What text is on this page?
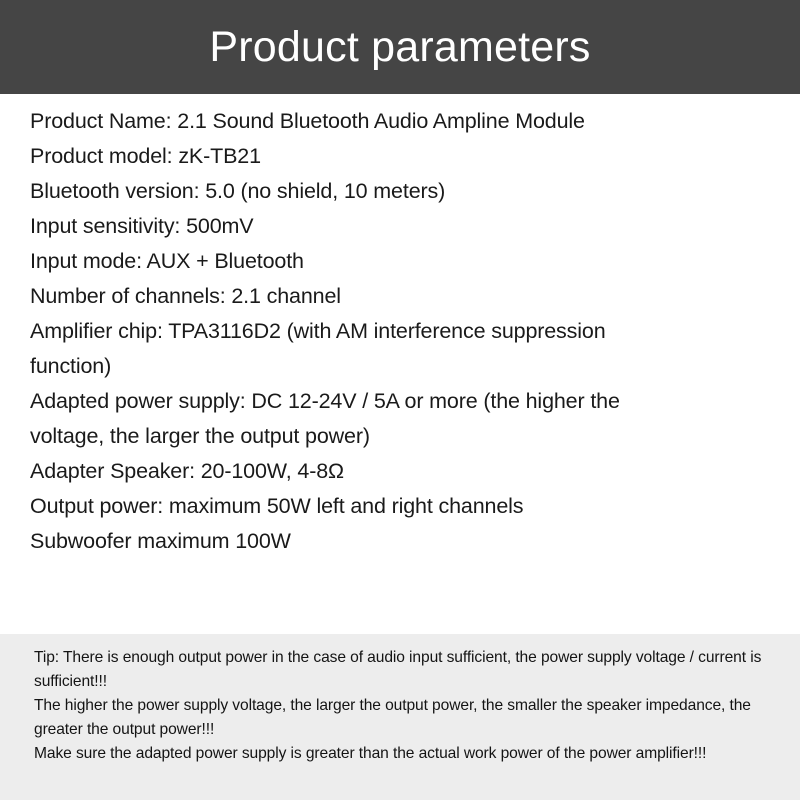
Product parameters
Product Name: 2.1 Sound Bluetooth Audio Ampline Module
Product model: zK-TB21
Bluetooth version: 5.0 (no shield, 10 meters)
Input sensitivity: 500mV
Input mode: AUX + Bluetooth
Number of channels: 2.1 channel
Amplifier chip: TPA3116D2 (with AM interference suppression function)
Adapted power supply: DC 12-24V / 5A or more (the higher the voltage, the larger the output power)
Adapter Speaker: 20-100W, 4-8Ω
Output power: maximum 50W left and right channels
Subwoofer maximum 100W
Tip: There is enough output power in the case of audio input sufficient, the power supply voltage / current is sufficient!!!
The higher the power supply voltage, the larger the output power, the smaller the speaker impedance, the greater the output power!!!
Make sure the adapted power supply is greater than the actual work power of the power amplifier!!!
